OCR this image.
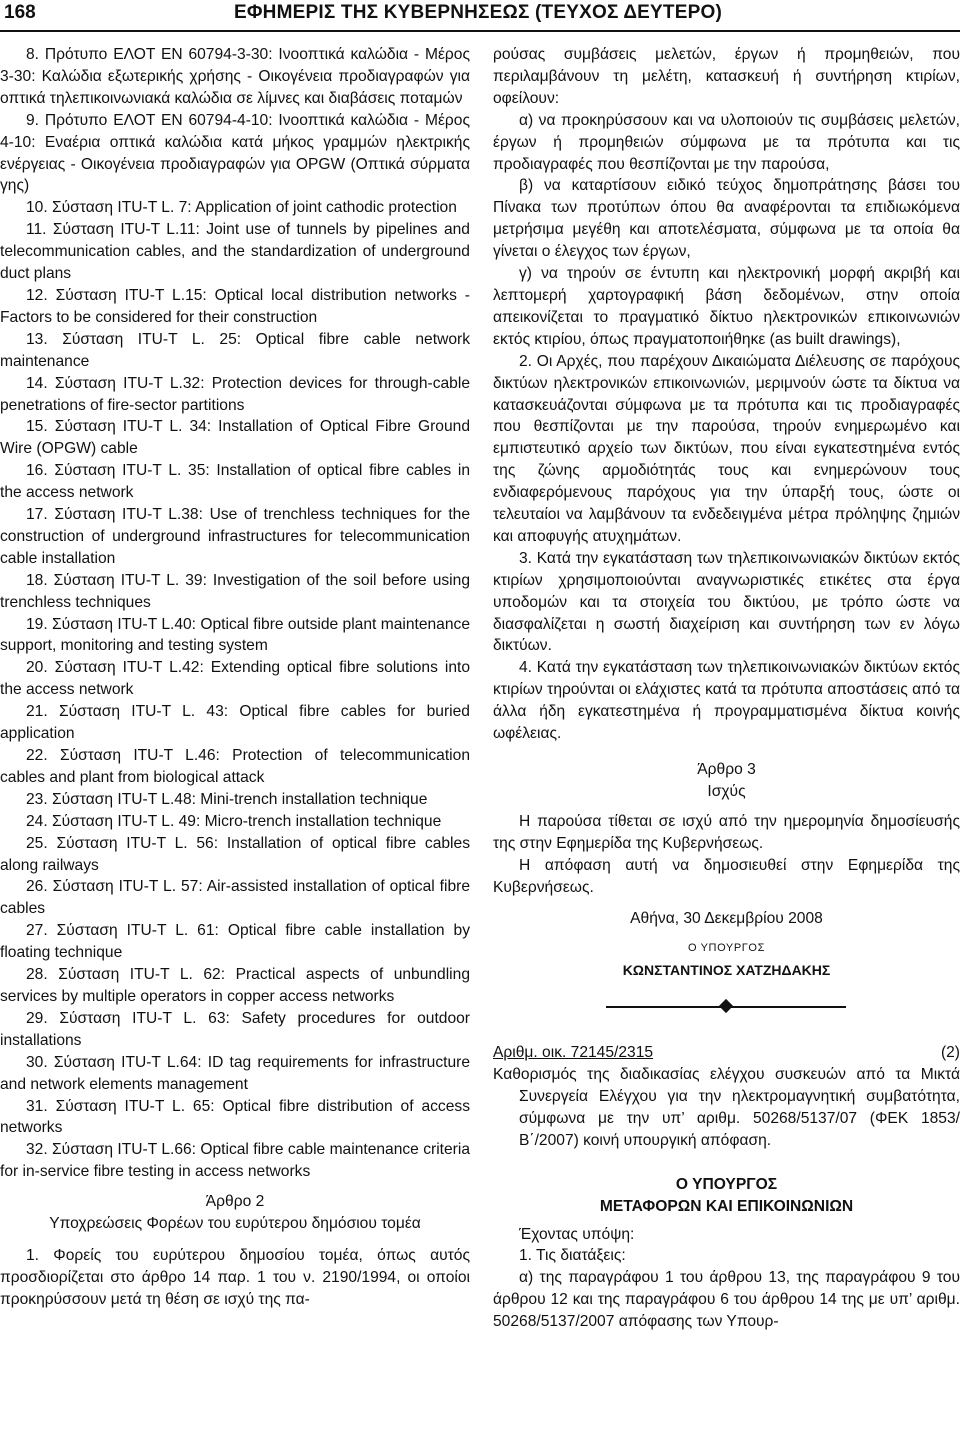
168	ΕΦΗΜΕΡΙΣ ΤΗΣ ΚΥΒΕΡΝΗΣΕΩΣ (ΤΕΥΧΟΣ ΔΕΥΤΕΡΟ)

8. Πρότυπο ΕΛΟΤ ΕΝ 60794-3-30: Ινοοπτικά καλώδια - Μέρος 3-30: Καλώδια εξωτερικής χρήσης - Οικογένεια προδιαγραφών για οπτικά τηλεπικοινωνιακά καλώδια σε λίμνες και διαβάσεις ποταμών

9. Πρότυπο ΕΛΟΤ ΕΝ 60794-4-10: Ινοοπτικά καλώδια - Μέρος 4-10: Εναέρια οπτικά καλώδια κατά μήκος γραμμών ηλεκτρικής ενέργειας - Οικογένεια προδιαγραφών για OPGW (Οπτικά σύρματα γης)

10. Σύσταση ITU-T L. 7: Application of joint cathodic protection

11. Σύσταση ITU-T L.11: Joint use of tunnels by pipelines and telecommunication cables, and the standardization of underground duct plans

12. Σύσταση ITU-T L.15: Optical local distribution networks - Factors to be considered for their construction

13. Σύσταση ITU-T L. 25: Optical fibre cable network maintenance

14. Σύσταση ITU-T L.32: Protection devices for through-cable penetrations of fire-sector partitions

15. Σύσταση ITU-T L. 34: Installation of Optical Fibre Ground Wire (OPGW) cable

16. Σύσταση ITU-T L. 35: Installation of optical fibre cables in the access network

17. Σύσταση ITU-T L.38: Use of trenchless techniques for the construction of underground infrastructures for telecommunication cable installation

18. Σύσταση ITU-T L. 39: Investigation of the soil before using trenchless techniques

19. Σύσταση ITU-T L.40: Optical fibre outside plant maintenance support, monitoring and testing system

20. Σύσταση ITU-T L.42: Extending optical fibre solutions into the access network

21. Σύσταση ITU-T L. 43: Optical fibre cables for buried application

22. Σύσταση ITU-T L.46: Protection of telecommunication cables and plant from biological attack

23. Σύσταση ITU-T L.48: Mini-trench installation technique

24. Σύσταση ITU-T L. 49: Micro-trench installation technique

25. Σύσταση ITU-T L. 56: Installation of optical fibre cables along railways

26. Σύσταση ITU-T L. 57: Air-assisted installation of optical fibre cables

27. Σύσταση ITU-T L. 61: Optical fibre cable installation by floating technique

28. Σύσταση ITU-T L. 62: Practical aspects of unbundling services by multiple operators in copper access networks

29. Σύσταση ITU-T L. 63: Safety procedures for outdoor installations

30. Σύσταση ITU-T L.64: ID tag requirements for infrastructure and network elements management

31. Σύσταση ITU-T L. 65: Optical fibre distribution of access networks

32. Σύσταση ITU-T L.66: Optical fibre cable maintenance criteria for in-service fibre testing in access networks

Άρθρο 2

Υποχρεώσεις Φορέων του ευρύτερου δημόσιου τομέα

1. Φορείς του ευρύτερου δημοσίου τομέα, όπως αυτός προσδιορίζεται στο άρθρο 14 παρ. 1 του ν. 2190/1994, οι οποίοι προκηρύσσουν μετά τη θέση σε ισχύ της πα-

ρούσας συμβάσεις μελετών, έργων ή προμηθειών, που περιλαμβάνουν τη μελέτη, κατασκευή ή συντήρηση κτιρίων, οφείλουν:

α) να προκηρύσσουν και να υλοποιούν τις συμβάσεις μελετών, έργων ή προμηθειών σύμφωνα με τα πρότυπα και τις προδιαγραφές που θεσπίζονται με την παρούσα,

β) να καταρτίσουν ειδικό τεύχος δημοπράτησης βάσει του Πίνακα των προτύπων όπου θα αναφέρονται τα επιδιωκόμενα μετρήσιμα μεγέθη και αποτελέσματα, σύμφωνα με τα οποία θα γίνεται ο έλεγχος των έργων,

γ) να τηρούν σε έντυπη και ηλεκτρονική μορφή ακριβή και λεπτομερή χαρτογραφική βάση δεδομένων, στην οποία απεικονίζεται το πραγματικό δίκτυο ηλεκτρονικών επικοινωνιών εκτός κτιρίου, όπως πραγματοποιήθηκε (as built drawings),

2. Οι Αρχές, που παρέχουν Δικαιώματα Διέλευσης σε παρόχους δικτύων ηλεκτρονικών επικοινωνιών, μεριμνούν ώστε τα δίκτυα να κατασκευάζονται σύμφωνα με τα πρότυπα και τις προδιαγραφές που θεσπίζονται με την παρούσα, τηρούν ενημερωμένο και εμπιστευτικό αρχείο των δικτύων, που είναι εγκατεστημένα εντός της ζώνης αρμοδιότητάς τους και ενημερώνουν τους ενδιαφερόμενους παρόχους για την ύπαρξή τους, ώστε οι τελευταίοι να λαμβάνουν τα ενδεδειγμένα μέτρα πρόληψης ζημιών και αποφυγής ατυχημάτων.

3. Κατά την εγκατάσταση των τηλεπικοινωνιακών δικτύων εκτός κτιρίων χρησιμοποιούνται αναγνωριστικές ετικέτες στα έργα υποδομών και τα στοιχεία του δικτύου, με τρόπο ώστε να διασφαλίζεται η σωστή διαχείριση και συντήρηση των εν λόγω δικτύων.

4. Κατά την εγκατάσταση των τηλεπικοινωνιακών δικτύων εκτός κτιρίων τηρούνται οι ελάχιστες κατά τα πρότυπα αποστάσεις από τα άλλα ήδη εγκατεστημένα ή προγραμματισμένα δίκτυα κοινής ωφέλειας.

Άρθρο 3

Ισχύς

Η παρούσα τίθεται σε ισχύ από την ημερομηνία δημοσίευσής της στην Εφημερίδα της Κυβερνήσεως.

Η απόφαση αυτή να δημοσιευθεί στην Εφημερίδα της Κυβερνήσεως.

Αθήνα, 30 Δεκεμβρίου 2008

Ο ΥΠΟΥΡΓΟΣ

ΚΩΝΣΤΑΝΤΙΝΟΣ ΧΑΤΖΗΔΑΚΗΣ

Αριθμ. οικ. 72145/2315	(2)

Καθορισμός της διαδικασίας ελέγχου συσκευών από τα Μικτά Συνεργεία Ελέγχου για την ηλεκτρομαγνητική συμβατότητα, σύμφωνα με την υπ’ αριθμ. 50268/5137/07 (ΦΕΚ 1853/Β΄/2007) κοινή υπουργική απόφαση.

Ο ΥΠΟΥΡΓΟΣ

ΜΕΤΑΦΟΡΩΝ ΚΑΙ ΕΠΙΚΟΙΝΩΝΙΩΝ

Έχοντας υπόψη:

1. Τις διατάξεις:

α) της παραγράφου 1 του άρθρου 13, της παραγράφου 9 του άρθρου 12 και της παραγράφου 6 του άρθρου 14 της με υπ’ αριθμ. 50268/5137/2007 απόφασης των Υπουρ-
